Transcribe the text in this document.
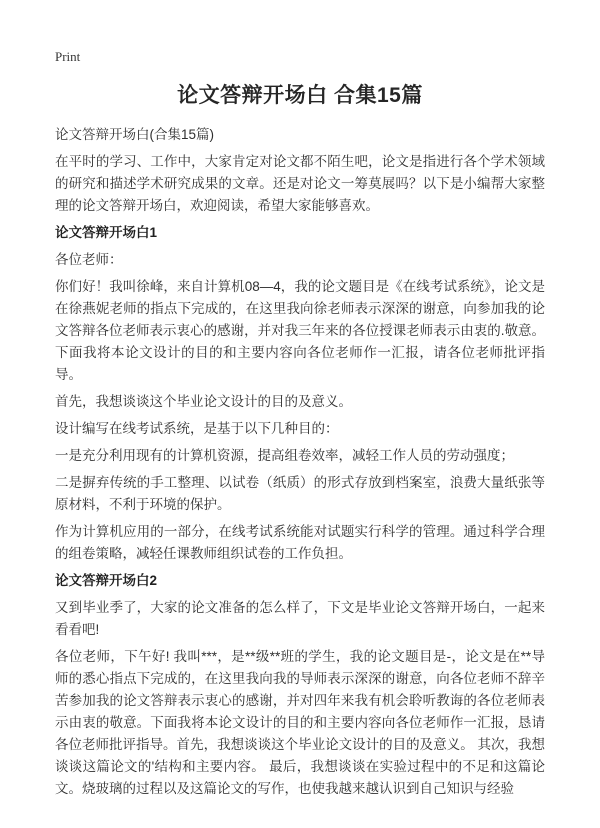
Print
论文答辩开场白 合集15篇
论文答辩开场白(合集15篇)

在平时的学习、工作中，大家肯定对论文都不陌生吧，论文是指进行各个学术领域的研究和描述学术研究成果的文章。还是对论文一筹莫展吗？以下是小编帮大家整理的论文答辩开场白，欢迎阅读，希望大家能够喜欢。

论文答辩开场白1

各位老师：

你们好！我叫徐峰，来自计算机08—4，我的论文题目是《在线考试系统》，论文是在徐燕妮老师的指点下完成的，在这里我向徐老师表示深深的谢意，向参加我的论文答辩各位老师表示衷心的感谢，并对我三年来的各位授课老师表示由衷的.敬意。下面我将本论文设计的目的和主要内容向各位老师作一汇报，请各位老师批评指导。

首先，我想谈谈这个毕业论文设计的目的及意义。

设计编写在线考试系统，是基于以下几种目的：

一是充分利用现有的计算机资源，提高组卷效率，减轻工作人员的劳动强度；

二是摒弃传统的手工整理、以试卷（纸质）的形式存放到档案室，浪费大量纸张等原材料，不利于环境的保护。

作为计算机应用的一部分，在线考试系统能对试题实行科学的管理。通过科学合理的组卷策略，减轻任课教师组织试卷的工作负担。

论文答辩开场白2

又到毕业季了，大家的论文准备的怎么样了，下文是毕业论文答辩开场白，一起来看看吧!

各位老师，下午好! 我叫***，是**级**班的学生，我的论文题目是-，论文是在**导师的悉心指点下完成的，在这里我向我的导师表示深深的谢意，向各位老师不辞辛苦参加我的论文答辩表示衷心的感谢，并对四年来我有机会聆听教诲的各位老师表示由衷的敬意。下面我将本论文设计的目的和主要内容向各位老师作一汇报，恳请各位老师批评指导。首先，我想谈谈这个毕业论文设计的目的及意义。 其次，我想谈谈这篇论文的'结构和主要内容。 最后，我想谈谈在实验过程中的不足和这篇论文。烧玻璃的过程以及这篇论文的写作，也使我越来越认识到自己知识与经验
